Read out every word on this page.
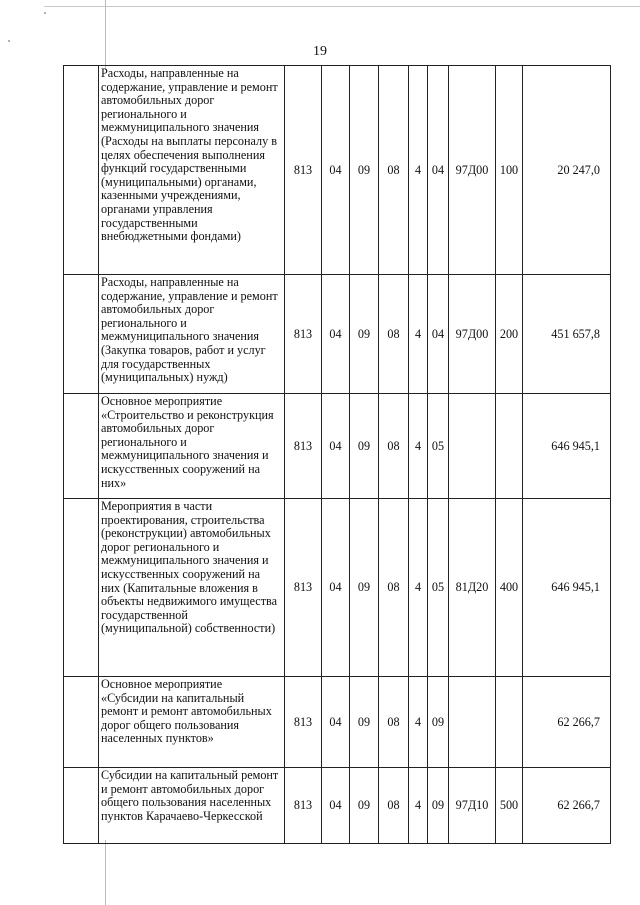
19
	Расходы, направленные на содержание, управление и ремонт автомобильных дорог регионального и межмуниципального значения (Расходы на выплаты персоналу в целях обеспечения выполнения функций государственными (муниципальными) органами, казенными учреждениями, органами управления государственными внебюджетными фондами)	813	04	09	08	4	04	97Д00	100	20 247,0
	Расходы, направленные на содержание, управление и ремонт автомобильных дорог регионального и межмуниципального значения (Закупка товаров, работ и услуг для государственных (муниципальных) нужд)	813	04	09	08	4	04	97Д00	200	451 657,8
	Основное мероприятие «Строительство и реконструкция автомобильных дорог регионального и межмуниципального значения и искусственных сооружений на них»	813	04	09	08	4	05			646 945,1
	Мероприятия в части проектирования, строительства (реконструкции) автомобильных дорог регионального и межмуниципального значения и искусственных сооружений на них (Капитальные вложения в объекты недвижимого имущества государственной (муниципальной) собственности)	813	04	09	08	4	05	81Д20	400	646 945,1
	Основное мероприятие «Субсидии на капитальный ремонт и ремонт автомобильных дорог общего пользования населенных пунктов»	813	04	09	08	4	09			62 266,7
	Субсидии на капитальный ремонт и ремонт автомобильных дорог общего пользования населенных пунктов Карачаево-Черкесской	813	04	09	08	4	09	97Д10	500	62 266,7
